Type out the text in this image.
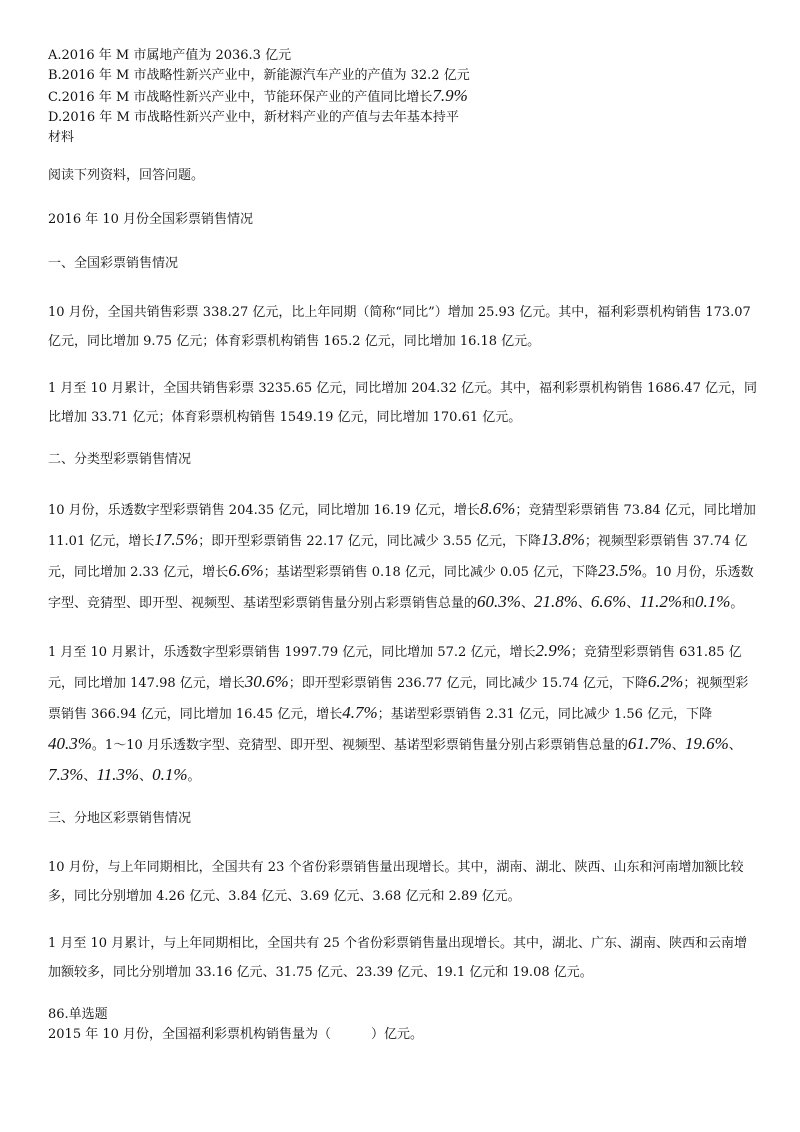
A.2016 年 M 市属地产值为 2036.3 亿元
B.2016 年 M 市战略性新兴产业中，新能源汽车产业的产值为 32.2 亿元
C.2016 年 M 市战略性新兴产业中，节能环保产业的产值同比增长7.9%
D.2016 年 M 市战略性新兴产业中，新材料产业的产值与去年基本持平
材料
阅读下列资料，回答问题。
2016 年 10 月份全国彩票销售情况
一、全国彩票销售情况

10 月份，全国共销售彩票 338.27 亿元，比上年同期（简称“同比”）增加 25.93 亿元。其中，福利彩票机构销售 173.07 亿元，同比增加 9.75 亿元；体育彩票机构销售 165.2 亿元，同比增加 16.18 亿元。

1 月至 10 月累计，全国共销售彩票 3235.65 亿元，同比增加 204.32 亿元。其中，福利彩票机构销售 1686.47 亿元，同比增加 33.71 亿元；体育彩票机构销售 1549.19 亿元，同比增加 170.61 亿元。

二、分类型彩票销售情况

10 月份，乐透数字型彩票销售 204.35 亿元，同比增加 16.19 亿元，增长8.6%；竞猜型彩票销售 73.84 亿元，同比增加 11.01 亿元，增长17.5%；即开型彩票销售 22.17 亿元，同比减少 3.55 亿元，下降13.8%；视频型彩票销售 37.74 亿元，同比增加 2.33 亿元，增长6.6%；基诺型彩票销售 0.18 亿元，同比减少 0.05 亿元，下降23.5%。10 月份，乐透数字型、竞猜型、即开型、视频型、基诺型彩票销售量分别占彩票销售总量的60.3%、21.8%、6.6%、11.2%和0.1%。

1 月至 10 月累计，乐透数字型彩票销售 1997.79 亿元，同比增加 57.2 亿元，增长2.9%；竞猜型彩票销售 631.85 亿元，同比增加 147.98 亿元，增长30.6%；即开型彩票销售 236.77 亿元，同比减少 15.74 亿元，下降6.2%；视频型彩票销售 366.94 亿元，同比增加 16.45 亿元，增长4.7%；基诺型彩票销售 2.31 亿元，同比减少 1.56 亿元，下降40.3%。1～10 月乐透数字型、竞猜型、即开型、视频型、基诺型彩票销售量分别占彩票销售总量的61.7%、19.6%、7.3%、11.3%、0.1%。

三、分地区彩票销售情况

10 月份，与上年同期相比，全国共有 23 个省份彩票销售量出现增长。其中，湖南、湖北、陕西、山东和河南增加额比较多，同比分别增加 4.26 亿元、3.84 亿元、3.69 亿元、3.68 亿元和 2.89 亿元。

1 月至 10 月累计，与上年同期相比，全国共有 25 个省份彩票销售量出现增长。其中，湖北、广东、湖南、陕西和云南增加额较多，同比分别增加 33.16 亿元、31.75 亿元、23.39 亿元、19.1 亿元和 19.08 亿元。

86.单选题
2015 年 10 月份，全国福利彩票机构销售量为（	）亿元。
